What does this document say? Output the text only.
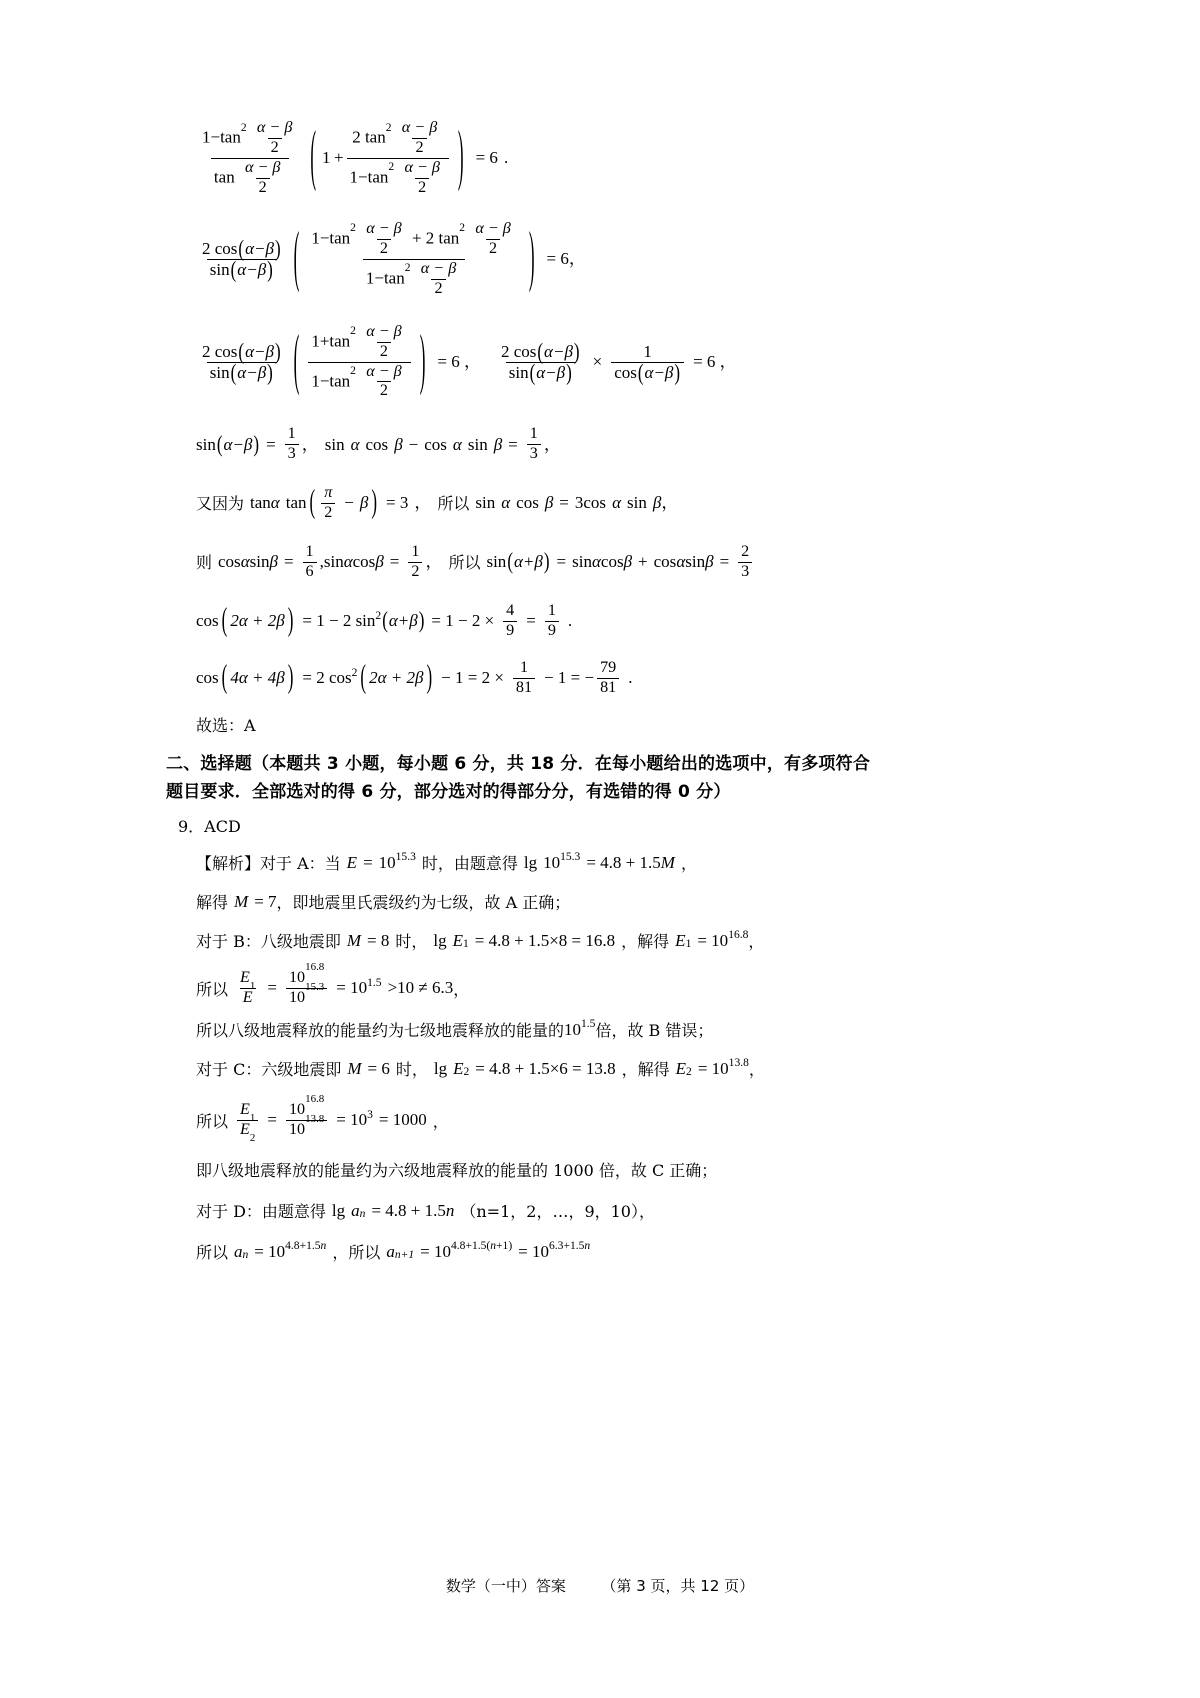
$\frac{1-\tan^2 \frac{\alpha - \beta}{2}}{\tan \frac{\alpha - \beta}{2}}$ ( $1 + \frac{2 \tan^2 \frac{\alpha - \beta}{2}}{1-\tan^2 \frac{\alpha - \beta}{2}}$ ) = 6 .
$\frac{2 \cos(\alpha-\beta)}{\sin(\alpha-\beta)}$ ( $\frac{1-\tan^2 \frac{\alpha - \beta}{2} + 2 \tan^2 \frac{\alpha - \beta}{2}}{1-\tan^2 \frac{\alpha - \beta}{2}}$ ) = 6，
$\frac{2 \cos(\alpha-\beta)}{\sin(\alpha-\beta)}$ ( $\frac{1+\tan^2 \frac{\alpha - \beta}{2}}{1-\tan^2 \frac{\alpha - \beta}{2}}$ ) = 6 ， $\frac{2 \cos(\alpha-\beta)}{\sin(\alpha-\beta)} \times \frac{1}{\cos(\alpha-\beta)} = 6$ ，
sin ( α−β ) = $\frac{1}{3}$ ， sin α cos β − cos α $\sin \beta = \frac{1}{3}$ ，
又因为 tan α tan ( $\frac{\pi}{2} - \beta$ ) = 3 ， 所以 sin α cos β = 3 cos α sin β ，
则 cos α $\sin \beta = \frac{1}{6}$ , sin α $\cos \beta = \frac{1}{2}$ ， 所以 sin ( α+β ) = sin α cos β + cos α $\sin \beta = \frac{2}{3}$
cos ( 2α + 2β ) = 1 − 2 sin 2 ( α+β ) = $1 - 2 \times \frac{4}{9} = \frac{1}{9}$ .
cos ( 4α + 4β ) = 2 cos 2 ( 2α + 2β ) − $1 = 2 \times \frac{1}{81} - 1$ = − $\frac{79}{81}$ .
故选：A
二、选择题（本题共 3 小题，每小题 6 分，共 18 分．在每小题给出的选项中，有多项符合
题目要求．全部选对的得 6 分，部分选对的得部分分，有选错的得 0 分）
9．ACD
【解析】 对于 A：当 E = 10 15.3 时，由题意得 lg 10 15.3 = 4.8 + 1.5 M ，
解得 M = 7 ，即地震里氏震级约为七级，故 A 正确；
对于 B：八级地震即 M = 8 时， lg E 1 = 4.8 + 1.5×8 = 16.8 ，解得 E 1 = 10 16.8 ，
所以 $\frac{E_1}{E} = \frac{10^{16.8}}{10^{15.3}} = 10$ 1.5 >10 ≠ 6.3 ，
所以八级地震释放的能量约为七级地震释放的能量的 10 1.5 倍，故 B 错误；
对于 C：六级地震即 M = 6 时， lg E 2 = 4.8 + 1.5×6 = 13.8 ，解得 E 2 = 10 13.8 ，
所以 $\frac{E_1}{E_2} = \frac{10^{16.8}}{10^{13.8}} = 10$ 3 = 1000 ，
即八级地震释放的能量约为六级地震释放的能量的 1000 倍，故 C 正确；
对于 D：由题意得 lg a n = 4.8 + 1.5 n （n=1，2，…，9，10），
所以 a n = 10 4.8+1.5n ，所以 a n+1 = 10 4.8+1.5(n+1) = 10 6.3+1.5n
数学（一中）答案 （第 3 页，共 12 页）
